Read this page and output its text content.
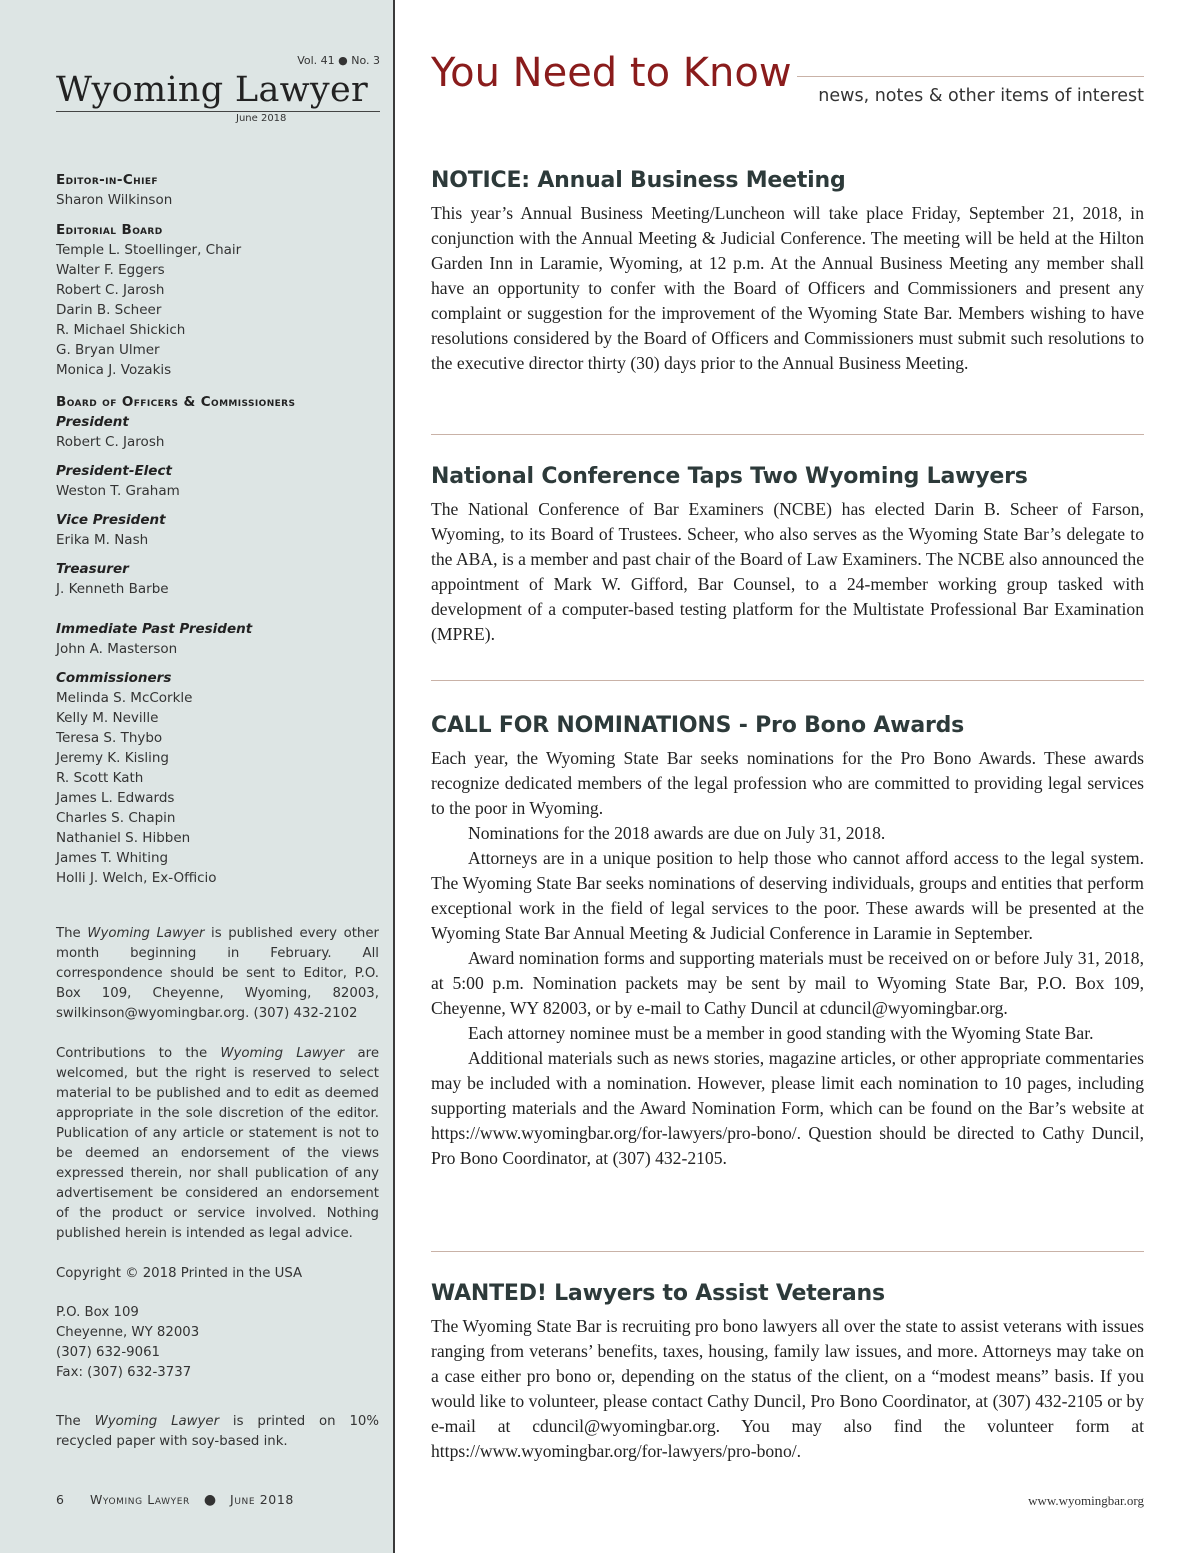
Vol. 41 ● No. 3
Wyoming Lawyer
June 2018
Editor-in-Chief
Sharon Wilkinson
Editorial Board
Temple L. Stoellinger, Chair
Walter F. Eggers
Robert C. Jarosh
Darin B. Scheer
R. Michael Shickich
G. Bryan Ulmer
Monica J. Vozakis
Board of Officers & Commissioners
President
Robert C. Jarosh
President-Elect
Weston T. Graham
Vice President
Erika M. Nash
Treasurer
J. Kenneth Barbe
Immediate Past President
John A. Masterson
Commissioners
Melinda S. McCorkle
Kelly M. Neville
Teresa S. Thybo
Jeremy K. Kisling
R. Scott Kath
James L. Edwards
Charles S. Chapin
Nathaniel S. Hibben
James T. Whiting
Holli J. Welch, Ex-Officio
The Wyoming Lawyer is published every other month beginning in February. All correspondence should be sent to Editor, P.O. Box 109, Cheyenne, Wyoming, 82003, swilkinson@wyomingbar.org. (307) 432-2102
Contributions to the Wyoming Lawyer are welcomed, but the right is reserved to select material to be published and to edit as deemed appropriate in the sole discretion of the editor. Publication of any article or statement is not to be deemed an endorsement of the views expressed therein, nor shall publication of any advertisement be considered an endorsement of the product or service involved. Nothing published herein is intended as legal advice.
Copyright © 2018 Printed in the USA
P.O. Box 109
Cheyenne, WY 82003
(307) 632-9061
Fax: (307) 632-3737
The Wyoming Lawyer is printed on 10% recycled paper with soy-based ink.
6 Wyoming Lawyer ● June 2018
You Need to Know news, notes & other items of interest
NOTICE: Annual Business Meeting

This year’s Annual Business Meeting/Luncheon will take place Friday, September 21, 2018, in conjunction with the Annual Meeting & Judicial Conference. The meeting will be held at the Hilton Garden Inn in Laramie, Wyoming, at 12 p.m. At the Annual Business Meeting any member shall have an opportunity to confer with the Board of Officers and Commissioners and present any complaint or suggestion for the improvement of the Wyoming State Bar. Members wishing to have resolutions considered by the Board of Officers and Commissioners must submit such resolutions to the executive director thirty (30) days prior to the Annual Business Meeting.

National Conference Taps Two Wyoming Lawyers

The National Conference of Bar Examiners (NCBE) has elected Darin B. Scheer of Farson, Wyoming, to its Board of Trustees. Scheer, who also serves as the Wyoming State Bar’s delegate to the ABA, is a member and past chair of the Board of Law Examiners. The NCBE also announced the appointment of Mark W. Gifford, Bar Counsel, to a 24-member working group tasked with development of a computer-based testing platform for the Multistate Professional Bar Examination (MPRE).

CALL FOR NOMINATIONS - Pro Bono Awards

Each year, the Wyoming State Bar seeks nominations for the Pro Bono Awards. These awards recognize dedicated members of the legal profession who are committed to providing legal services to the poor in Wyoming.

Nominations for the 2018 awards are due on July 31, 2018.

Attorneys are in a unique position to help those who cannot afford access to the legal system. The Wyoming State Bar seeks nominations of deserving individuals, groups and entities that perform exceptional work in the field of legal services to the poor. These awards will be presented at the Wyoming State Bar Annual Meeting & Judicial Conference in Laramie in September.

Award nomination forms and supporting materials must be received on or before July 31, 2018, at 5:00 p.m. Nomination packets may be sent by mail to Wyoming State Bar, P.O. Box 109, Cheyenne, WY 82003, or by e-mail to Cathy Duncil at cduncil@wyomingbar.org.

Each attorney nominee must be a member in good standing with the Wyoming State Bar.

Additional materials such as news stories, magazine articles, or other appropriate commentaries may be included with a nomination. However, please limit each nomination to 10 pages, including supporting materials and the Award Nomination Form, which can be found on the Bar’s website at https://www.wyomingbar.org/for-lawyers/pro-bono/. Question should be directed to Cathy Duncil, Pro Bono Coordinator, at (307) 432-2105.

WANTED! Lawyers to Assist Veterans

The Wyoming State Bar is recruiting pro bono lawyers all over the state to assist veterans with issues ranging from veterans’ benefits, taxes, housing, family law issues, and more. Attorneys may take on a case either pro bono or, depending on the status of the client, on a “modest means” basis. If you would like to volunteer, please contact Cathy Duncil, Pro Bono Coordinator, at (307) 432-2105 or by e-mail at cduncil@wyomingbar.org. You may also find the volunteer form at https://www.wyomingbar.org/for-lawyers/pro-bono/.

www.wyomingbar.org
